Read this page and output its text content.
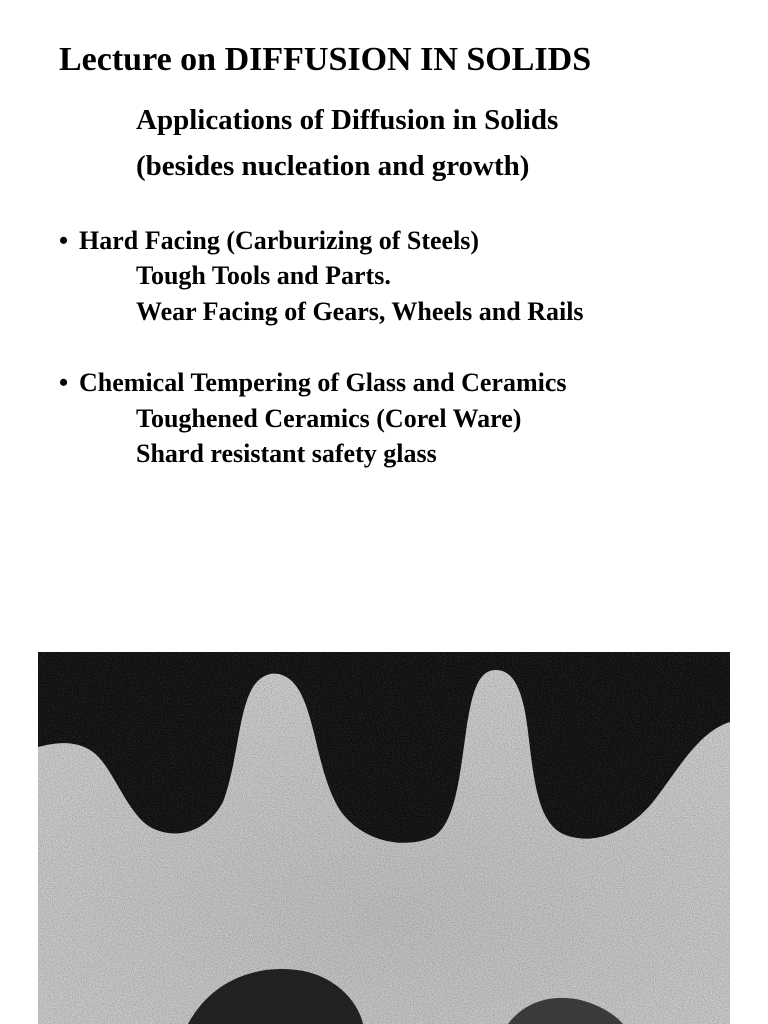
Lecture on DIFFUSION IN SOLIDS
Applications of Diffusion in Solids
(besides nucleation and growth)
• Hard Facing (Carburizing of Steels)
Tough Tools and Parts.
Wear Facing of Gears, Wheels and Rails
• Chemical Tempering of Glass and Ceramics
Toughened Ceramics (Corel Ware)
Shard resistant safety glass
